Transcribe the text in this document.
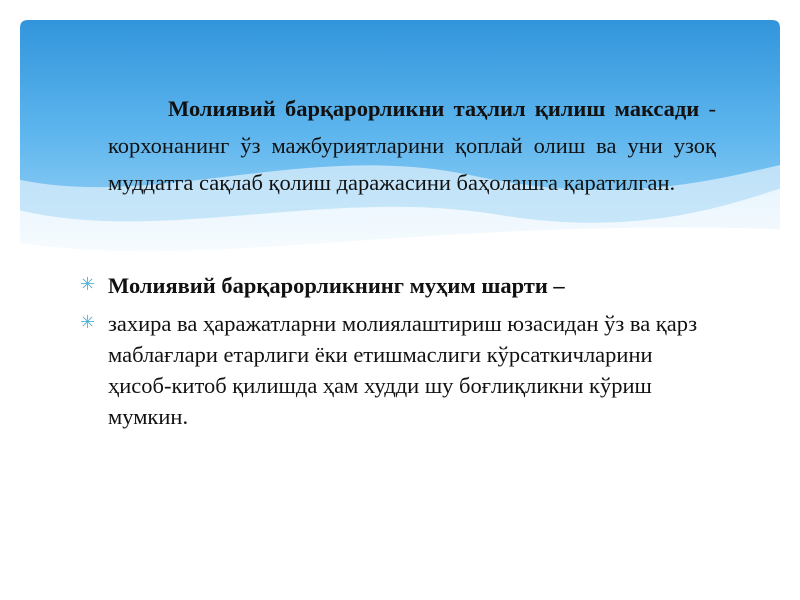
Молиявий барқарорликни таҳлил қилиш максади - корхонанинг ўз мажбуриятларини қоплай олиш ва уни узоқ муддатга сақлаб қолиш даражасини баҳолашга қаратилган.

✳ Молиявий барқарорликнинг муҳим шарти –
✳ захира ва ҳаражатларни молиялаштириш юзасидан ўз ва қарз маблағлари етарлиги ёки етишмаслиги кўрсаткичларини ҳисоб-китоб қилишда ҳам худди шу боғлиқликни кўриш мумкин.
